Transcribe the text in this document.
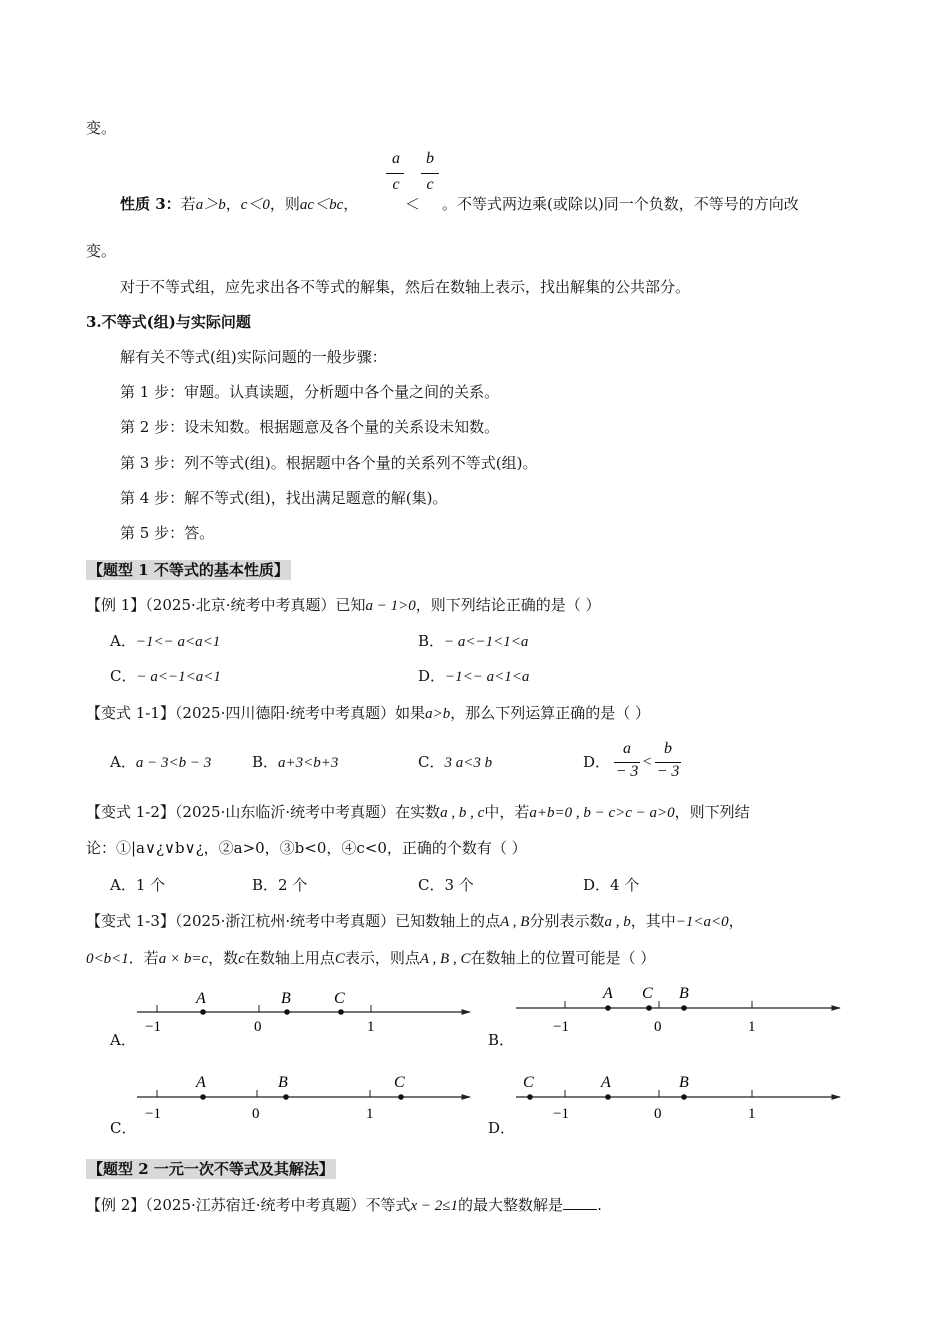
变。
a
c
b
c
性质 3：若a＞b，c＜0，则ac＜bc，	＜ 。不等式两边乘(或除以)同一个负数，不等号的方向改
变。
对于不等式组，应先求出各不等式的解集，然后在数轴上表示，找出解集的公共部分。
3.不等式(组)与实际问题
解有关不等式(组)实际问题的一般步骤：
第 1 步：审题。认真读题，分析题中各个量之间的关系。
第 2 步：设未知数。根据题意及各个量的关系设未知数。
第 3 步：列不等式(组)。根据题中各个量的关系列不等式(组)。
第 4 步：解不等式(组)，找出满足题意的解(集)。
第 5 步：答。
【题型 1 不等式的基本性质】
【例 1】（2025·北京·统考中考真题）已知a − 1>0，则下列结论正确的是（ ）
A．−1<− a<a<1	B．− a<−1<1<a
C．− a<−1<a<1	D．−1<− a<1<a
【变式 1-1】（2025·四川德阳·统考中考真题）如果a>b，那么下列运算正确的是（ ）
A．a − 3<b − 3	B．a+3<b+3	C．3 a<3 b	D．
a
− 3
<
b
− 3
【变式 1-2】（2025·山东临沂·统考中考真题）在实数a , b , c中，若a+b=0 , b − c>c − a>0，则下列结
论：①|a∨¿∨b∨¿，②a>0，③b<0，④c<0，正确的个数有（ ）
A．1 个	B．2 个	C．3 个	D．4 个
【变式 1-3】（2025·浙江杭州·统考中考真题）已知数轴上的点A , B分别表示数a , b，其中−1<a<0，
0<b<1．若a × b=c，数c在数轴上用点C表示，则点A , B , C在数轴上的位置可能是（ ）
A	B	C
−1	0	1
A C B
−1	0	1
A	B	C
−1	0	1
C	A	B
−1	0	1
A．	B．
C．	D．
【题型 2 一元一次不等式及其解法】
【例 2】（2025·江苏宿迁·统考中考真题）不等式x − 2≤1的最大整数解是 .
